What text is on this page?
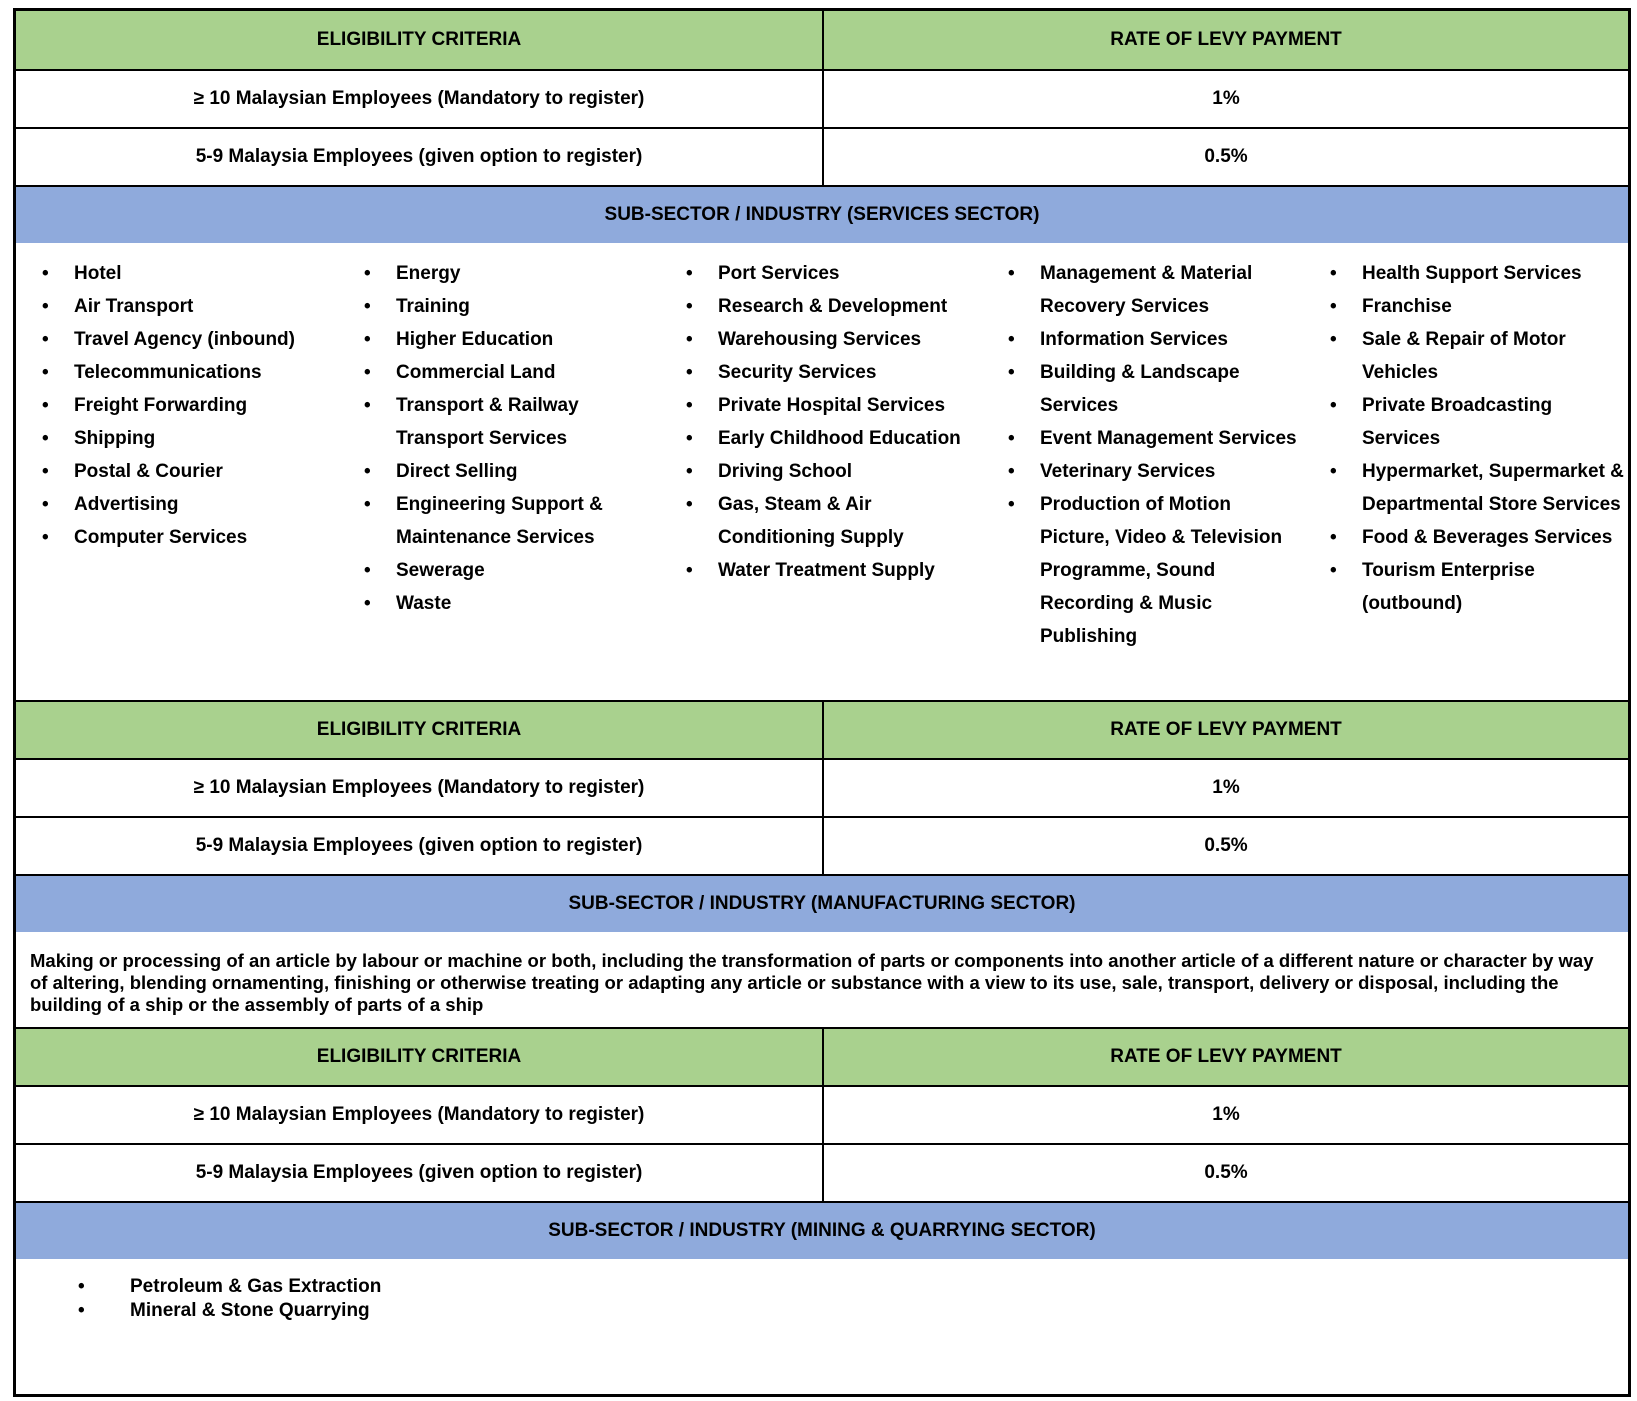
ELIGIBILITY CRITERIA	RATE OF LEVY PAYMENT
≥ 10 Malaysian Employees (Mandatory to register)	1%
5-9 Malaysia Employees (given option to register)	0.5%
SUB-SECTOR / INDUSTRY (SERVICES SECTOR)
• Hotel
• Air Transport
• Travel Agency (inbound)
• Telecommunications
• Freight Forwarding
• Shipping
• Postal & Courier
• Advertising
• Computer Services
• Energy
• Training
• Higher Education
• Commercial Land
• Transport & Railway Transport Services
• Direct Selling
• Engineering Support & Maintenance Services
• Sewerage
• Waste
• Port Services
• Research & Development
• Warehousing Services
• Security Services
• Private Hospital Services
• Early Childhood Education
• Driving School
• Gas, Steam & Air Conditioning Supply
• Water Treatment Supply
• Management & Material Recovery Services
• Information Services
• Building & Landscape Services
• Event Management Services
• Veterinary Services
• Production of Motion Picture, Video & Television Programme, Sound Recording & Music Publishing
• Health Support Services
• Franchise
• Sale & Repair of Motor Vehicles
• Private Broadcasting Services
• Hypermarket, Supermarket & Departmental Store Services
• Food & Beverages Services
• Tourism Enterprise (outbound)
ELIGIBILITY CRITERIA	RATE OF LEVY PAYMENT
≥ 10 Malaysian Employees (Mandatory to register)	1%
5-9 Malaysia Employees (given option to register)	0.5%
SUB-SECTOR / INDUSTRY (MANUFACTURING SECTOR)
Making or processing of an article by labour or machine or both, including the transformation of parts or components into another article of a different nature or character by way of altering, blending ornamenting, finishing or otherwise treating or adapting any article or substance with a view to its use, sale, transport, delivery or disposal, including the building of a ship or the assembly of parts of a ship
ELIGIBILITY CRITERIA	RATE OF LEVY PAYMENT
≥ 10 Malaysian Employees (Mandatory to register)	1%
5-9 Malaysia Employees (given option to register)	0.5%
SUB-SECTOR / INDUSTRY (MINING & QUARRYING SECTOR)
• Petroleum & Gas Extraction
• Mineral & Stone Quarrying
